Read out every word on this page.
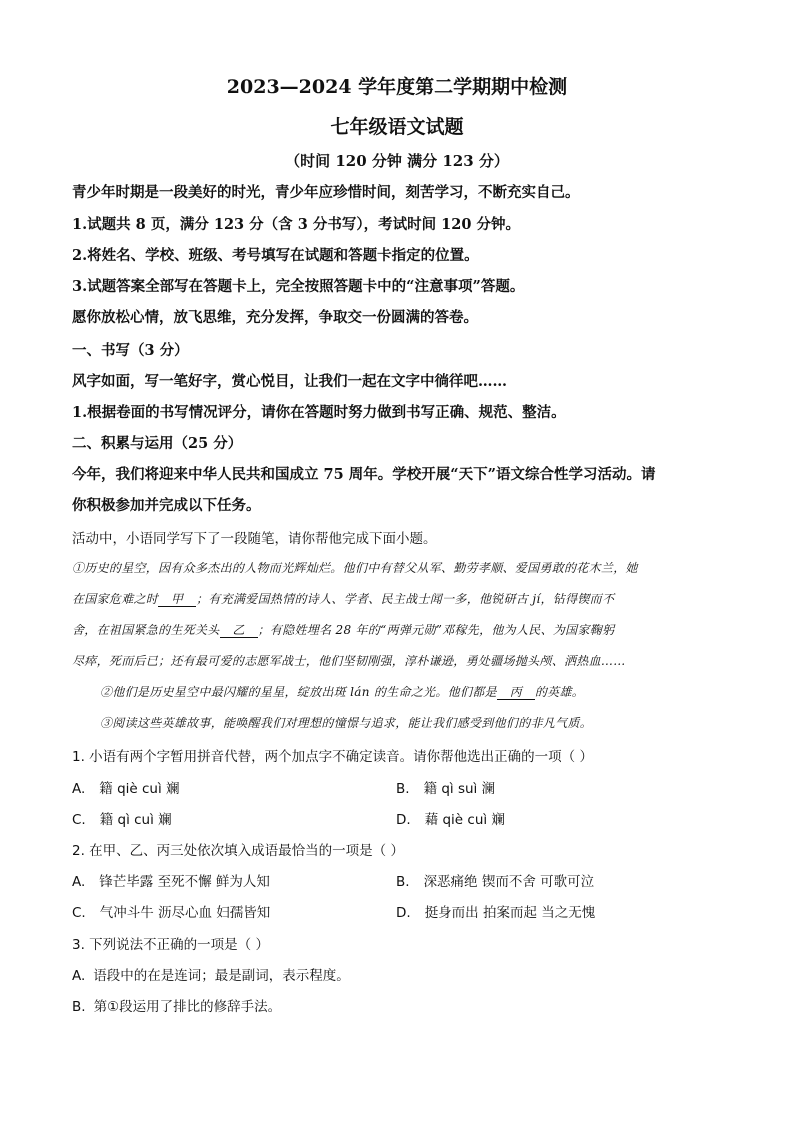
2023—2024 学年度第二学期期中检测
七年级语文试题
（时间 120 分钟 满分 123 分）
青少年时期是一段美好的时光，青少年应珍惜时间，刻苦学习，不断充实自己。
1.试题共 8 页，满分 123 分（含 3 分书写），考试时间 120 分钟。
2.将姓名、学校、班级、考号填写在试题和答题卡指定的位置。
3.试题答案全部写在答题卡上，完全按照答题卡中的“注意事项”答题。
愿你放松心情，放飞思维，充分发挥，争取交一份圆满的答卷。
一、书写（3 分）
风字如面，写一笔好字，赏心悦目，让我们一起在文字中徜徉吧……
1.根据卷面的书写情况评分，请你在答题时努力做到书写正确、规范、整洁。
二、积累与运用（25 分）
今年，我们将迎来中华人民共和国成立 75 周年。学校开展“天下”语文综合性学习活动。请
你积极参加并完成以下任务。
活动中，小语同学写下了一段随笔，请你帮他完成下面小题。
①历史的星空，因有众多杰出的人物而光辉灿烂。他们中有替父从军、勤劳孝顺、爱国勇敢的花木兰，她
在国家危难之时 甲 ；有充满爱国热情的诗人、学者、民主战士闻一多，他锐研古 jí，钻得锲而不
舍，在祖国紧急的生死关头 乙 ；有隐姓埋名 28 年的“两弹元勋”邓稼先，他为人民、为国家鞠躬
尽瘁，死而后已；还有最可爱的志愿军战士，他们坚韧刚强，淳朴谦逊，勇处疆场抛头颅、洒热血……
②他们是历史星空中最闪耀的星星，绽放出斑 lán 的生命之光。他们都是 丙 的英雄。
③阅读这些英雄故事，能唤醒我们对理想的憧憬与追求，能让我们感受到他们的非凡气质。
1. 小语有两个字暂用拼音代替，两个加点字不确定读音。请你帮他选出正确的一项（ ）
A. 籍 qiè cuì 斓	B. 籍 qì suì 澜
C. 籍 qì cuì 斓	D. 藉 qiè cuì 斓
2. 在甲、乙、丙三处依次填入成语最恰当的一项是（ ）
A. 锋芒毕露 至死不懈 鲜为人知	B. 深恶痛绝 锲而不舍 可歌可泣
C. 气冲斗牛 沥尽心血 妇孺皆知	D. 挺身而出 拍案而起 当之无愧
3. 下列说法不正确的一项是（ ）
A. 语段中的在是连词；最是副词，表示程度。
B. 第①段运用了排比的修辞手法。
